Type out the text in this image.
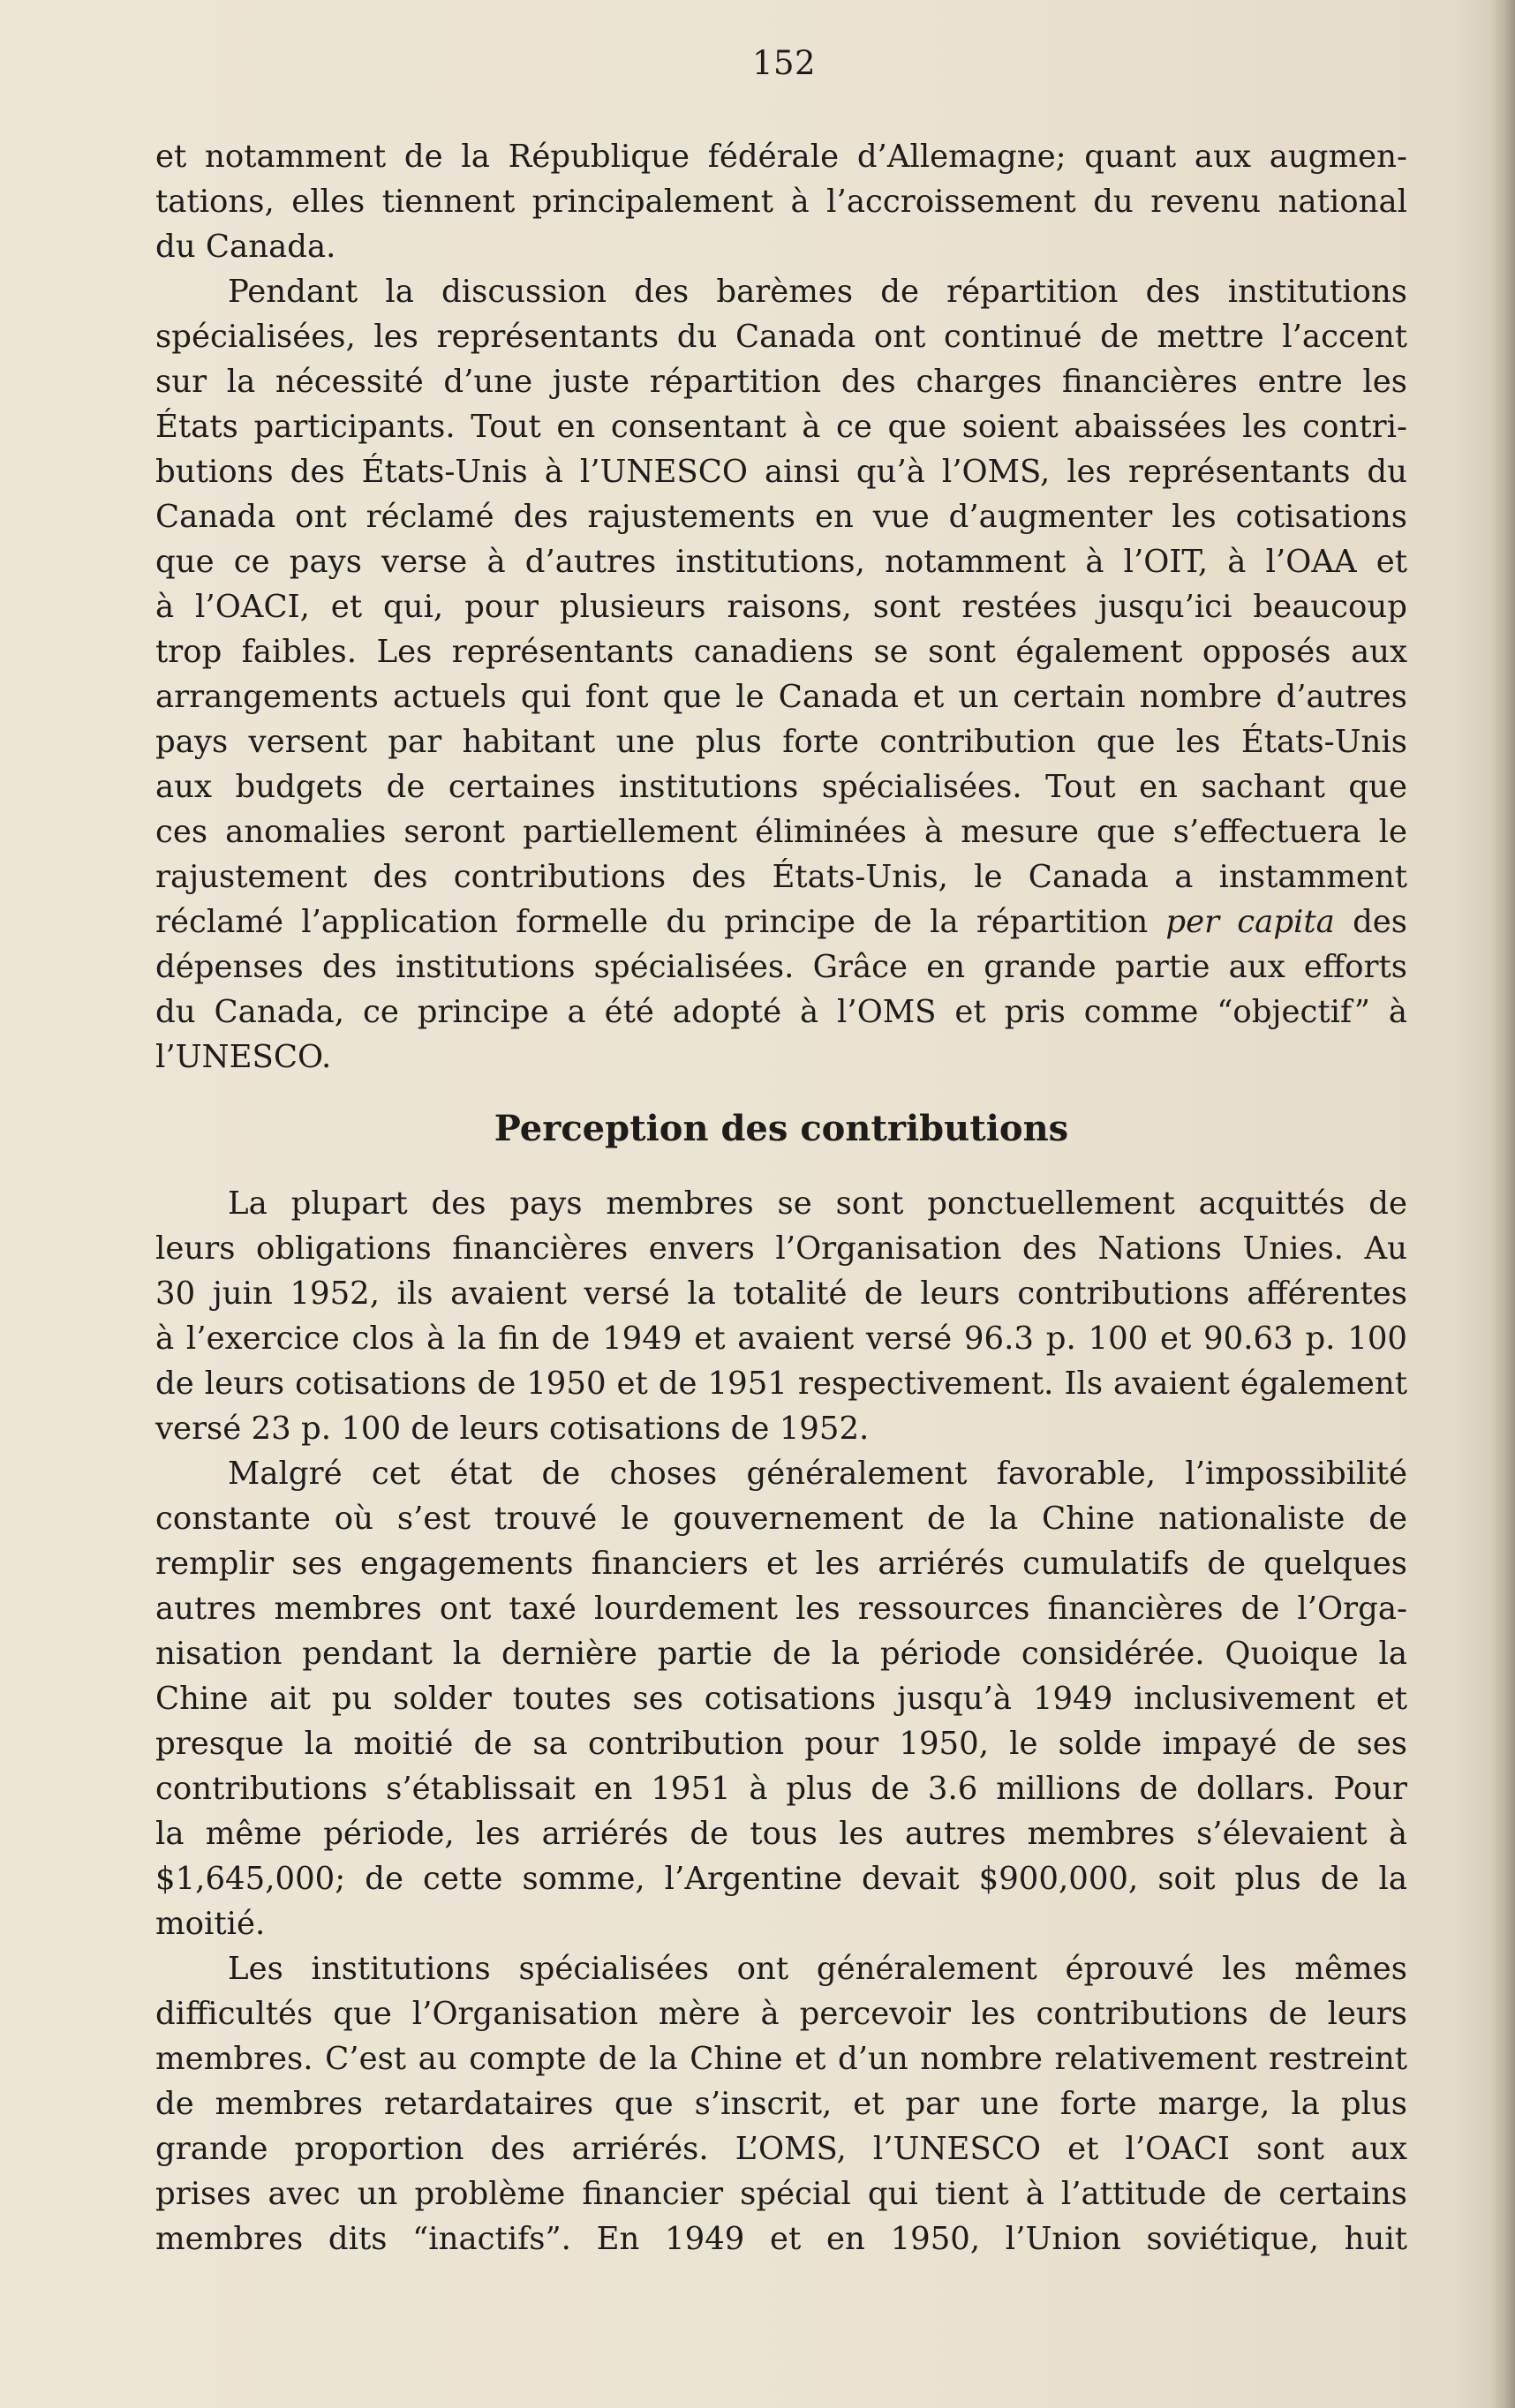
152
et notamment de la République fédérale d’Allemagne; quant aux augmen-
tations, elles tiennent principalement à l’accroissement du revenu national
du Canada.
Pendant la discussion des barèmes de répartition des institutions
spécialisées, les représentants du Canada ont continué de mettre l’accent
sur la nécessité d’une juste répartition des charges financières entre les
États participants. Tout en consentant à ce que soient abaissées les contri-
butions des États-Unis à l’UNESCO ainsi qu’à l’OMS, les représentants du
Canada ont réclamé des rajustements en vue d’augmenter les cotisations
que ce pays verse à d’autres institutions, notamment à l’OIT, à l’OAA et
à l’OACI, et qui, pour plusieurs raisons, sont restées jusqu’ici beaucoup
trop faibles. Les représentants canadiens se sont également opposés aux
arrangements actuels qui font que le Canada et un certain nombre d’autres
pays versent par habitant une plus forte contribution que les États-Unis
aux budgets de certaines institutions spécialisées. Tout en sachant que
ces anomalies seront partiellement éliminées à mesure que s’effectuera le
rajustement des contributions des États-Unis, le Canada a instamment
réclamé l’application formelle du principe de la répartition per capita des
dépenses des institutions spécialisées. Grâce en grande partie aux efforts
du Canada, ce principe a été adopté à l’OMS et pris comme “objectif” à
l’UNESCO.
Perception des contributions
La plupart des pays membres se sont ponctuellement acquittés de
leurs obligations financières envers l’Organisation des Nations Unies. Au
30 juin 1952, ils avaient versé la totalité de leurs contributions afférentes
à l’exercice clos à la fin de 1949 et avaient versé 96.3 p. 100 et 90.63 p. 100
de leurs cotisations de 1950 et de 1951 respectivement. Ils avaient également
versé 23 p. 100 de leurs cotisations de 1952.
Malgré cet état de choses généralement favorable, l’impossibilité
constante où s’est trouvé le gouvernement de la Chine nationaliste de
remplir ses engagements financiers et les arriérés cumulatifs de quelques
autres membres ont taxé lourdement les ressources financières de l’Orga-
nisation pendant la dernière partie de la période considérée. Quoique la
Chine ait pu solder toutes ses cotisations jusqu’à 1949 inclusivement et
presque la moitié de sa contribution pour 1950, le solde impayé de ses
contributions s’établissait en 1951 à plus de 3.6 millions de dollars. Pour
la même période, les arriérés de tous les autres membres s’élevaient à
$1,645,000; de cette somme, l’Argentine devait $900,000, soit plus de la
moitié.
Les institutions spécialisées ont généralement éprouvé les mêmes
difficultés que l’Organisation mère à percevoir les contributions de leurs
membres. C’est au compte de la Chine et d’un nombre relativement restreint
de membres retardataires que s’inscrit, et par une forte marge, la plus
grande proportion des arriérés. L’OMS, l’UNESCO et l’OACI sont aux
prises avec un problème financier spécial qui tient à l’attitude de certains
membres dits “inactifs”. En 1949 et en 1950, l’Union soviétique, huit
